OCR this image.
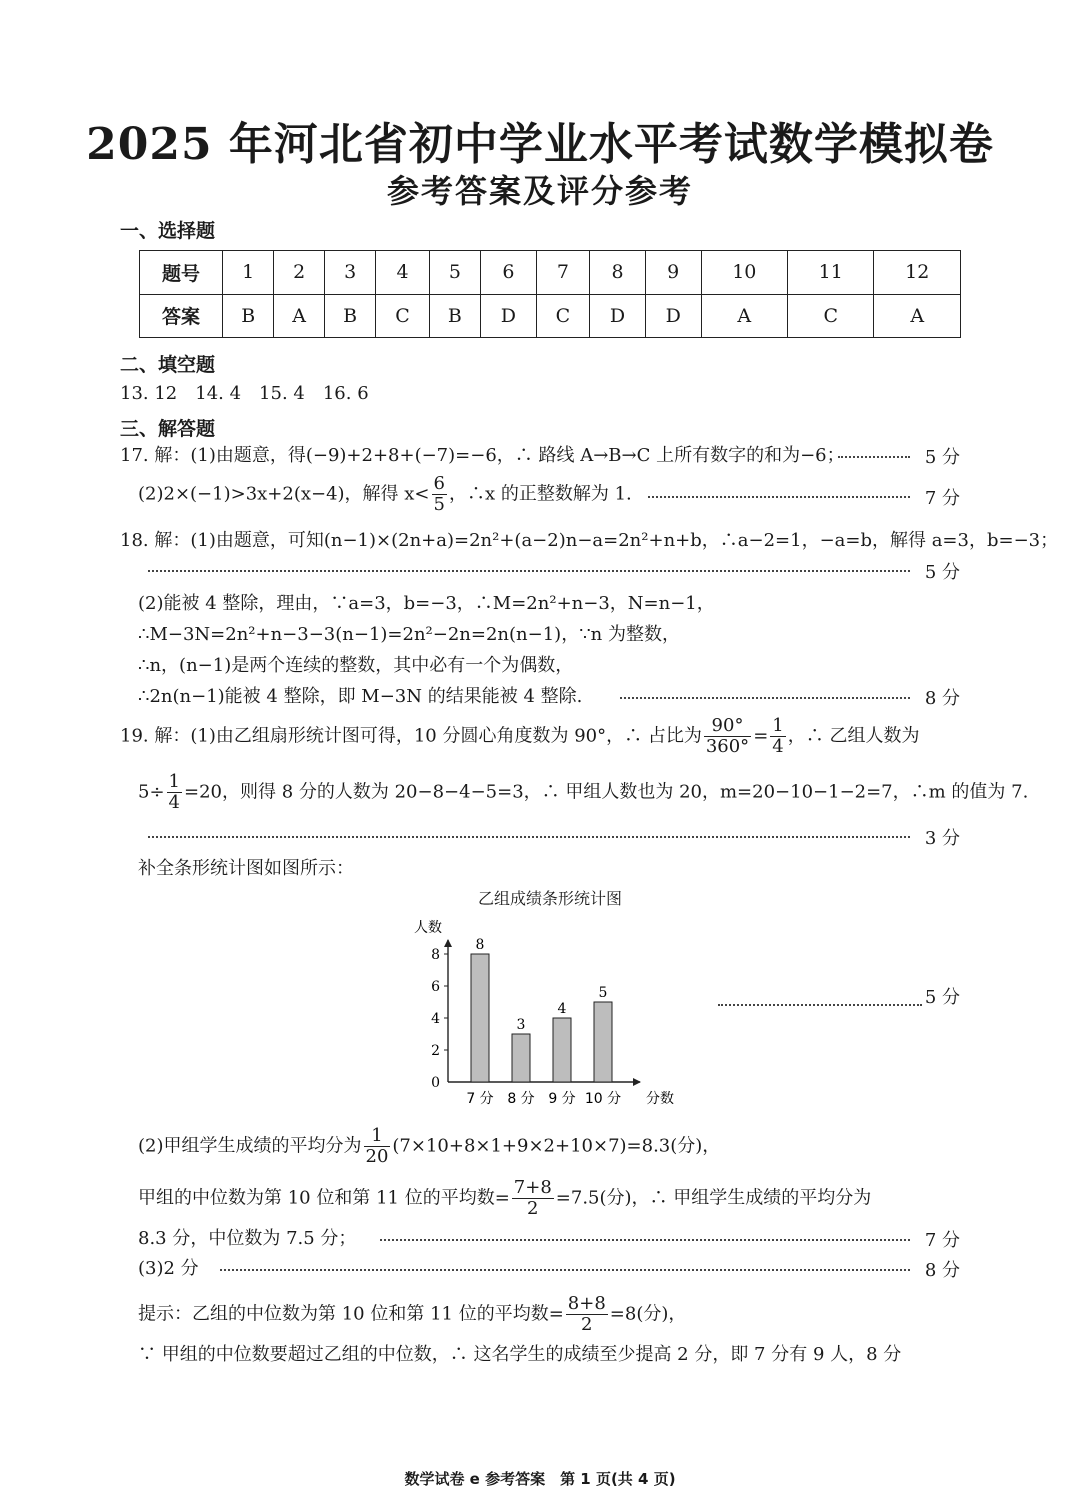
2025 年河北省初中学业水平考试数学模拟卷
参考答案及评分参考
一、选择题
题号	1	2	3	4	5	6	7	8	9	10	11	12
答案	B	A	B	C	B	D	C	D	D	A	C	A
二、填空题
13. 12　14. 4　15. 4　16. 6
三、解答题
17. 解：(1)由题意，得(−9)+2+8+(−7)=−6，∴ 路线 A→B→C 上所有数字的和为−6；	5 分
(2)2×(−1)>3x+2(x−4)，解得 $x< \frac{6}{5}$ ，∴x 的正整数解为 1.	7 分
18. 解：(1)由题意，可知(n−1)×(2n+a)=2n²+(a−2)n−a=2n²+n+b，∴a−2=1，−a=b，解得 a=3，b=−3；
5 分
(2)能被 4 整除，理由，∵a=3，b=−3，∴M=2n²+n−3，N=n−1，
∴M−3N=2n²+n−3−3(n−1)=2n²−2n=2n(n−1)，∵n 为整数，
∴n，(n−1)是两个连续的整数，其中必有一个为偶数，
∴2n(n−1)能被 4 整除，即 M−3N 的结果能被 4 整除.	8 分
19. 解：(1)由乙组扇形统计图可得，10 分圆心角度数为 90°，∴ 占比为 $\frac{90^\circ}{360^\circ} = \frac{1}{4}$ ，∴ 乙组人数为
$5\div \frac{1}{4} =20$，则得 8 分的人数为 20−8−4−5=3，∴ 甲组人数也为 20，m=20−10−1−2=7，∴m 的值为 7.
3 分
补全条形统计图如图所示：
乙组成绩条形统计图
人数
分数
0
2
4
6
8
8
7 分
3
8 分
4
9 分
5
10 分
5 分
(2)甲组学生成绩的平均分为 $\frac{1}{20} (7\times 10+8\times 1+9\times 2+10\times 7)=8.3$(分)，
甲组的中位数为第 10 位和第 11 位的平均数= $\frac{7+8}{2} =7.5$(分)，∴ 甲组学生成绩的平均分为
8.3 分，中位数为 7.5 分；	7 分
(3)2 分	8 分
提示：乙组的中位数为第 10 位和第 11 位的平均数= $\frac{8+8}{2} =8$(分)，
∵ 甲组的中位数要超过乙组的中位数，∴ 这名学生的成绩至少提高 2 分，即 7 分有 9 人，8 分
数学试卷 e 参考答案　第 1 页(共 4 页)
